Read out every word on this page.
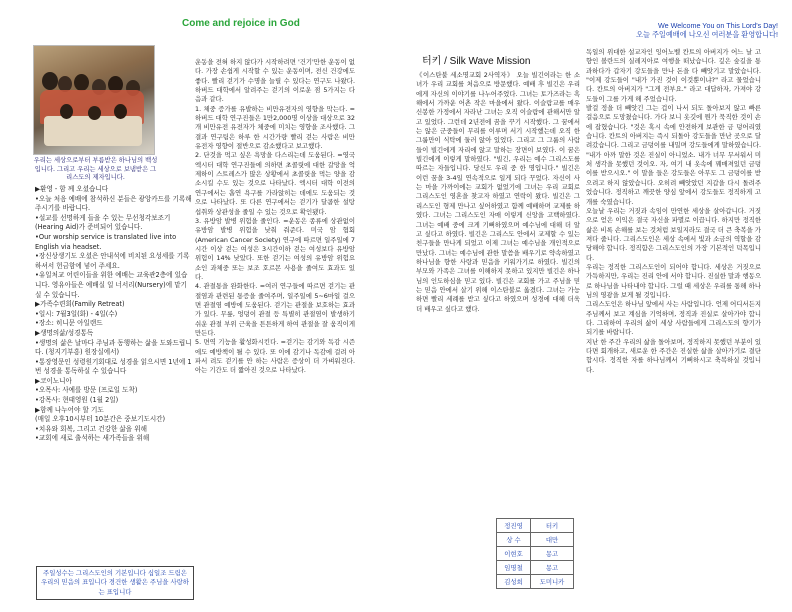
Come and rejoice in God	We Welcome You on This Lord's Day!
오늘 주일예배에 나오신 여러분을 환영합니다!
우리는 세상으로부터 부름받은 하나님의 백성입니다. 그리고 우리는 세상으로 보냄받은 그리스도의 제자입니다.

▶환영 - 함 께 오셨습니다

•오늘 처음 예배에 참석하신 분들은 광앙카드를 기록해 주시기를 바랍니다.

•설교를 선명하게 들을 수 있는 무선청각보조기(Hearing Aid)가 준비되어 있습니다.

•Our worship service is translated live into English via headset.

•장신상생기도 오셨은 안내석에 비치된 요성세를 기록하셔서 헌금함에 넣어 주세요.

•유일처교 어린이들을 위한 예배는 교육관2층에 있습니다. 영유아들은 예배실 일 너서리(Nursery)에 맡기실 수 있습니다.

▶가족수련회(Family Retreat)

•일시: 7월3일(화) - 4일(수)

•장소: 히니문 아일랜드

▶생명의삶/성경통독

•생명의 삶은 날마다 주님과 동행하는 삶을 도와드립니다. (청지기부흥) 원장실에서)

•통장영문인 성령원기회대로 성경을 읽으시면 1년에 1번 성경을 통독하실 수 있습니다

▶코이노니아

•오목사: 사예를 방문 (프로일 도착)

•강목사: 현태영원 (1월 2일)

▶함께 나누어야 할 기도

(매일 오후10시부터 10분간은 중보기도시간)

•치유와 회복, 그리고 건강한 삶을 위해

•교회에 새로 출석하는 새가족들을 위해

주일성수는 그리스도인의 기본입니다 십일조 드림은 우리의 믿음의 표입니다 경건한 생활은 주님을 사랑하는 표입니다

운동을 전혀 하지 않다가 시작하려면 '건기'만한 운동이 없다. 가장 손쉽게 시작할 수 있는 운동이며, 전신 건강에도 좋다. 빨리 걷기가 수명을 늘릴 수 있다는 연구도 나왔다. 하버드 대학에서 알려주는 걷기의 이로운 점 5가지는 다음과 같다.

1. 체중 증가를 유발하는 비만유전자의 영향을 막는다. =하버드 대학 연구진들은 1만2,000명 이상을 대상으로 32개 비만유전 유전자가 체중에 미치는 영향을 조사했다. 그 결과 연구팀은 하루 한 시간가량 빨리 걷는 사람은 비만 유전자 영향이 절반으로 감소했다고 보고했다.

2. 단것을 먹고 싶은 욕망을 다스리는데 도움된다. =영국 엑시터 대학 연구진들에 의하면 초콜릿에 대한 갈망을 억제하이 스트레스가 많은 상황에서 초콜릿을 먹는 양을 감소시킬 수도 있는 것으로 나타났다. 엑시터 대학 이전의 연구에서는 흡연 욕구를 가라앉히는 데에도 도움되는 것으로 나타났다. 또 다른 연구에서는 걷기가 달콤한 설탕 섭취와 상관성을 줄일 수 있는 것으로 확인됐다.

3. 유방암 발병 위험을 줄인다. =운동은 종류에 상관없이 유방암 발병 위험을 낮춰 줘준다. 미국 암 협회(American Cancer Society) 연구에 따르면 일주일에 7시간 이상 걷는 여성은 3시간이하 걷는 여성보다 유방암 위험이 14% 낮았다. 또한 걷기는 여성의 유방암 위험요소인 과체중 또는 보조 호르몬 사용을 줄여도 효과도 있다.

4. 관절통을 완화한다. =여러 연구들에 따르면 걷기는 관절염과 관련된 통증을 줄여주며, 일주일에 5~6마일 걸으면 관절염 예방에 도움된다. 걷기는 관절을 보호하는 효과가 있다. 무릎, 엉덩이 관절 등 특별히 관절염이 발생하기 쉬운 관절 부위 근육을 튼튼하게 하여 관절을 잘 움직이게 만든다.

5. 면역 기능을 활성화시킨다. =걷기는 감기와 독감 시즌에도 예방책이 될 수 있다. 또 이에 감기나 독감에 걸려 아파서 려도 걷기를 안 하는 사람은 증상이 더 가벼워진다. 아는 기간도 더 짧아진 것으로 나타났다.

터키 / Silk Wave Mission
《이스탄불 세소명교회 2사역자》 오늘 빌긴이라는 한 소녀가 우리 교회를 처음으로 방문했다. 예배 후 빌긴은 우리에게 자신의 이야기를 나누어주었다. 그녀는 토가즈라는 흑해에서 가까운 어촌 작은 마을에서 왔다. 이슬람교를 매우 신봉한 가정에서 자라난 그녀는 오직 이슬람에 관해서만 알고 있었다. 그런데 2년전에 꿈을 꾸기 시작했다. 그 꿈에서는 않은 군중들이 무리를 이루며 서기 시작했는데 오직 한 그룹만이 식탁에 둘러 앉아 있었다. 그리고 그 그룹의 사람들이 빌긴에게 자리에 앉고 말하는 장면이 보였다. 이 꿈은 빌긴에게 이렇게 말하였다. "빌긴, 우리는 예수 그리스도를 따르는 자들입니다. 당신도 우리 중 한 명입니다." 빌긴은 이런 꿈을 3-4일 연속적으로 일게 되다 꾸었다. 자신이 사는 마을 가까이에는 교회가 없었기에 그녀는 우리 교회로 그리스도인 영혼을 찾고자 하였고 연락이 왔다. 빌긴은 그리스도인 형제 만나고 싶어하였고 함께 예배하며 교제를 하였다. 그녀는 그리스도인 자매 이렇게 신앙을 고백하였다. 그녀는 예배 중에 크게 기뻐하였으며 예수님에 대해 더 알고 싶다고 하였다. 빌긴은 그리스도 안에서 교제할 수 있는 친구들을 만나게 되었고 이제 그녀는 예수님을 개인적으로 만났다. 그녀는 예수님에 관한 말씀을 배우기로 약속하였고 하나님을 향한 사랑과 믿음을 키워가기로 하였다. 빌긴의 부모와 가족은 그녀를 이해하지 못하고 있지만 빌긴은 하나님의 인도하심을 믿고 있다. 빌긴은 교회를 가고 주님을 믿는 믿음 안에서 살기 위해 이스탄불로 옮겼다. 그녀는 가능하면 빨리 세례를 받고 싶다고 하였으며 성경에 대해 더욱더 배우고 싶다고 했다.
정진영	터키
상 수	대만
이현호	몽고
임명철	몽고
김성희	도미니카

독일의 위대한 설교자인 잉어노벨 칸트의 아버지가 어느 날 고향인 볼란드의 실레지아로 여행을 떠났습니다. 깊은 숲길을 통과하다가 갑자기 강도들을 만나 돈을 다 빼앗기고 말았습니다. "이제 강도들이 "내가 가진 것이 이것뿐이냐?" 라고 물었습니다. 칸트의 아버지가 "그게 전부요." 라고 대답하자, 가져야 강도들이 그를 가게 해 주었습니다.

발걸 정을 더 빼앗긴 그는 겁이 나서 되도 돌아보지 않고 빠른 걸음으로 도망쳤습니다. 가다 보니 옷깃에 뭔가 묵직한 것이 손에 잡혔습니다. "것은 혹시 속에 안전하게 보관한 금 덩어리였습니다. 칸트의 아버지는 즉시 되돌아 강도들을 만난 곳으로 달려갔습니다. 그리고 금덩이를 내밀며 강도들에게 말하였습니다. "내가 아까 말한 것은 진실이 아니었소. 내가 너무 무서워서 미처 생각을 못했던 것이오. 자, 여기 내 옷속에 꿰매져있던 금덩이를 받으시오." 이 말을 들은 강도들은 아무도 그 금덩이를 받으려고 하지 않았습니다. 오히려 빼앗았던 지갑을 다시 돌려주었습니다. 정직하고 깨끗한 양심 앞에서 강도들도 정직하게 고개를 숙였습니다.

오늘날 우리는 거짓과 속임이 만연한 세상을 살아갑니다. 거짓으로 얻은 이익은 결국 자신을 파멸로 이끕니다. 하지만 정직한 삶은 비록 손해를 보는 것처럼 보일지라도 결국 더 큰 축복을 가져다 줍니다. 그리스도인은 세상 속에서 빛과 소금의 역할을 감당해야 합니다. 정직함은 그리스도인의 가장 기본적인 덕목입니다.

우리는 정직한 그리스도인이 되어야 합니다. 세상은 거짓으로 가득하지만, 우리는 진리 안에 서야 합니다. 진실한 말과 행동으로 하나님을 나타내야 합니다. 그럴 때 세상은 우리를 통해 하나님의 영광을 보게 될 것입니다.

그리스도인은 하나님 앞에서 사는 사람입니다. 언제 어디서든지 주님께서 보고 계심을 기억하며, 정직과 진실로 살아가야 합니다. 그리하여 우리의 삶이 세상 사람들에게 그리스도의 향기가 되기를 바랍니다.

지난 한 주간 우리의 삶을 돌아보며, 정직하지 못했던 부분이 있다면 회개하고, 새로운 한 주간은 진실한 삶을 살아가기로 결단합시다. 정직한 자를 하나님께서 기뻐하시고 축복하실 것입니다.
